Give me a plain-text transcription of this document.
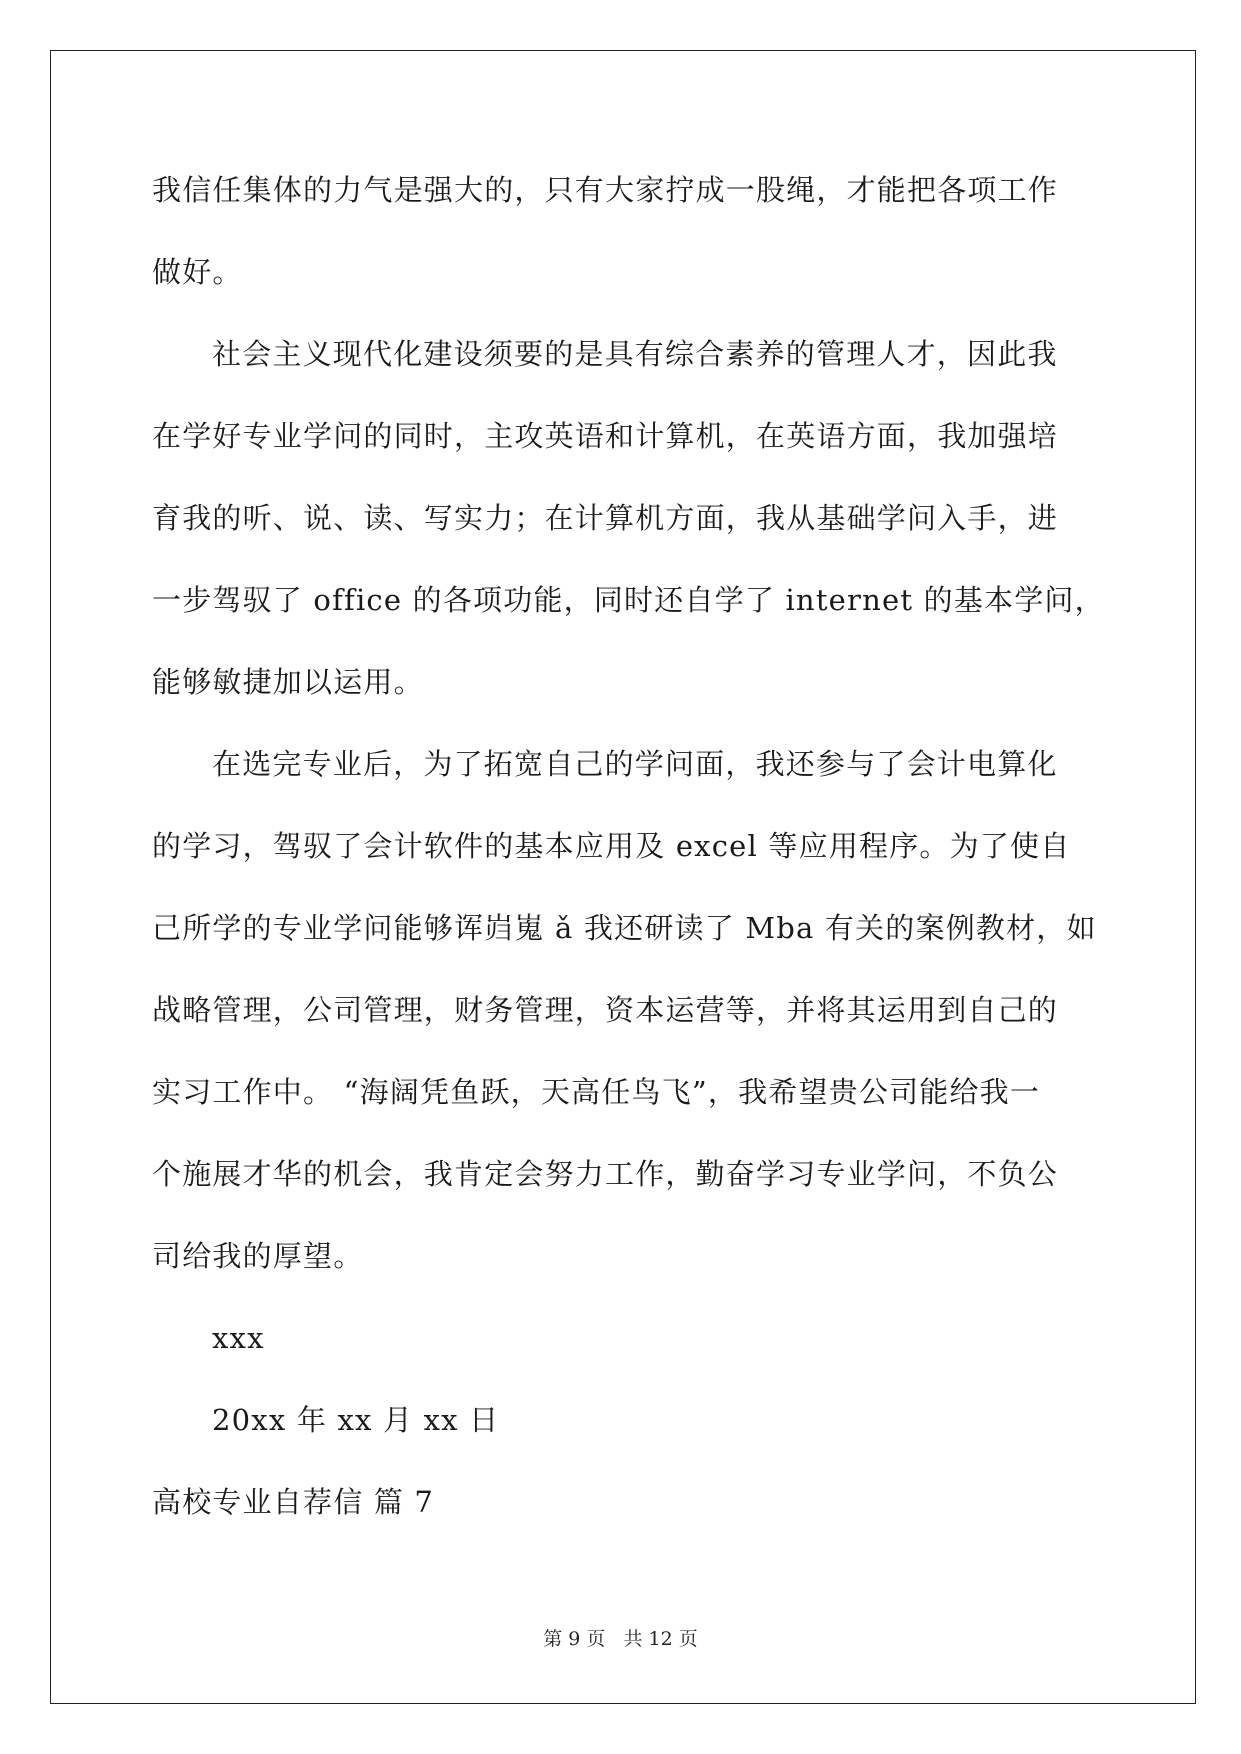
我信任集体的力气是强大的，只有大家拧成一股绳，才能把各项工作
做好。
社会主义现代化建设须要的是具有综合素养的管理人才，因此我
在学好专业学问的同时，主攻英语和计算机，在英语方面，我加强培
育我的听、说、读、写实力；在计算机方面，我从基础学问入手，进
一步驾驭了 office 的各项功能，同时还自学了 internet 的基本学问，
能够敏捷加以运用。
在选完专业后，为了拓宽自己的学问面，我还参与了会计电算化
的学习，驾驭了会计软件的基本应用及 excel 等应用程序。为了使自
己所学的专业学问能够诨岿嵬 ǎ 我还研读了 Mba 有关的案例教材，如
战略管理，公司管理，财务管理，资本运营等，并将其运用到自己的
实习工作中。 “海阔凭鱼跃，天高任鸟飞”，我希望贵公司能给我一
个施展才华的机会，我肯定会努力工作，勤奋学习专业学问，不负公
司给我的厚望。
xxx
20xx 年 xx 月 xx 日
高校专业自荐信 篇 7
第 9 页 共 12 页
